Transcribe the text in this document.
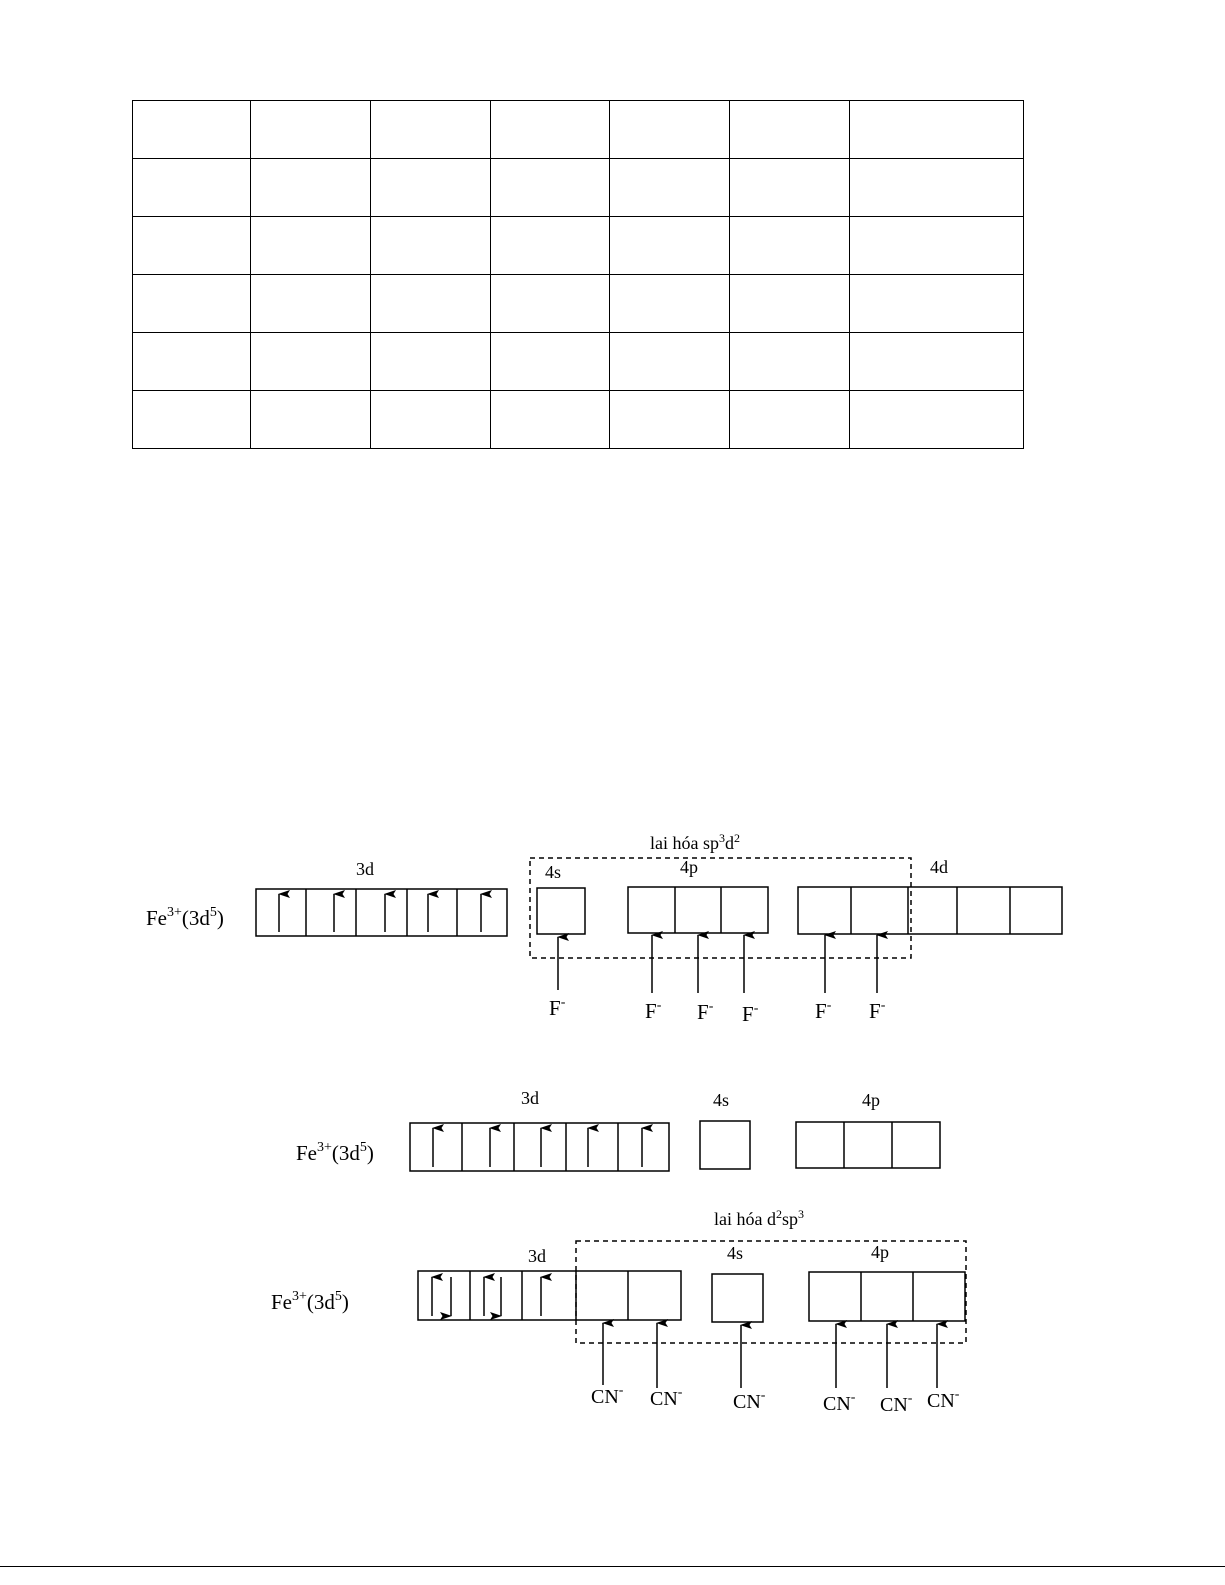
$Fe^{3+}(3d^5)$
3d
lai hóa $sp^3d^2$
4s	4p	4d
F-	F- F- F-	F- F-
$Fe^{3+}(3d^5)$
3d	4s	4p
$Fe^{3+}(3d^5)$
3d
lai hóa $d^2sp^3$
4s	4p
CN- CN-	CN-	CN- CN- CN-
